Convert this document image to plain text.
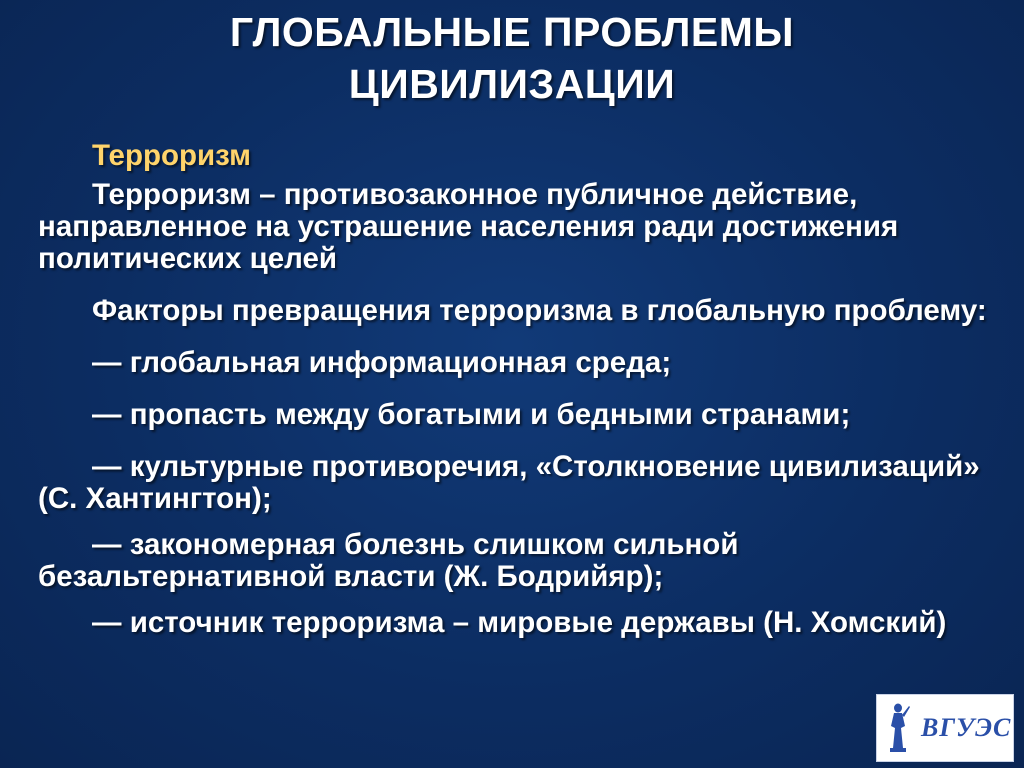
ГЛОБАЛЬНЫЕ ПРОБЛЕМЫ
ЦИВИЛИЗАЦИИ

Терроризм

Терроризм – противозаконное публичное действие, направленное на устрашение населения ради достижения политических целей

Факторы превращения терроризма в глобальную проблему:

— глобальная информационная среда;

— пропасть между богатыми и бедными странами;

— культурные противоречия, «Столкновение цивилизаций» (С. Хантингтон);

— закономерная болезнь слишком сильной безальтернативной власти (Ж. Бодрийяр);

— источник терроризма – мировые державы (Н. Хомский)

ВГУЭС
